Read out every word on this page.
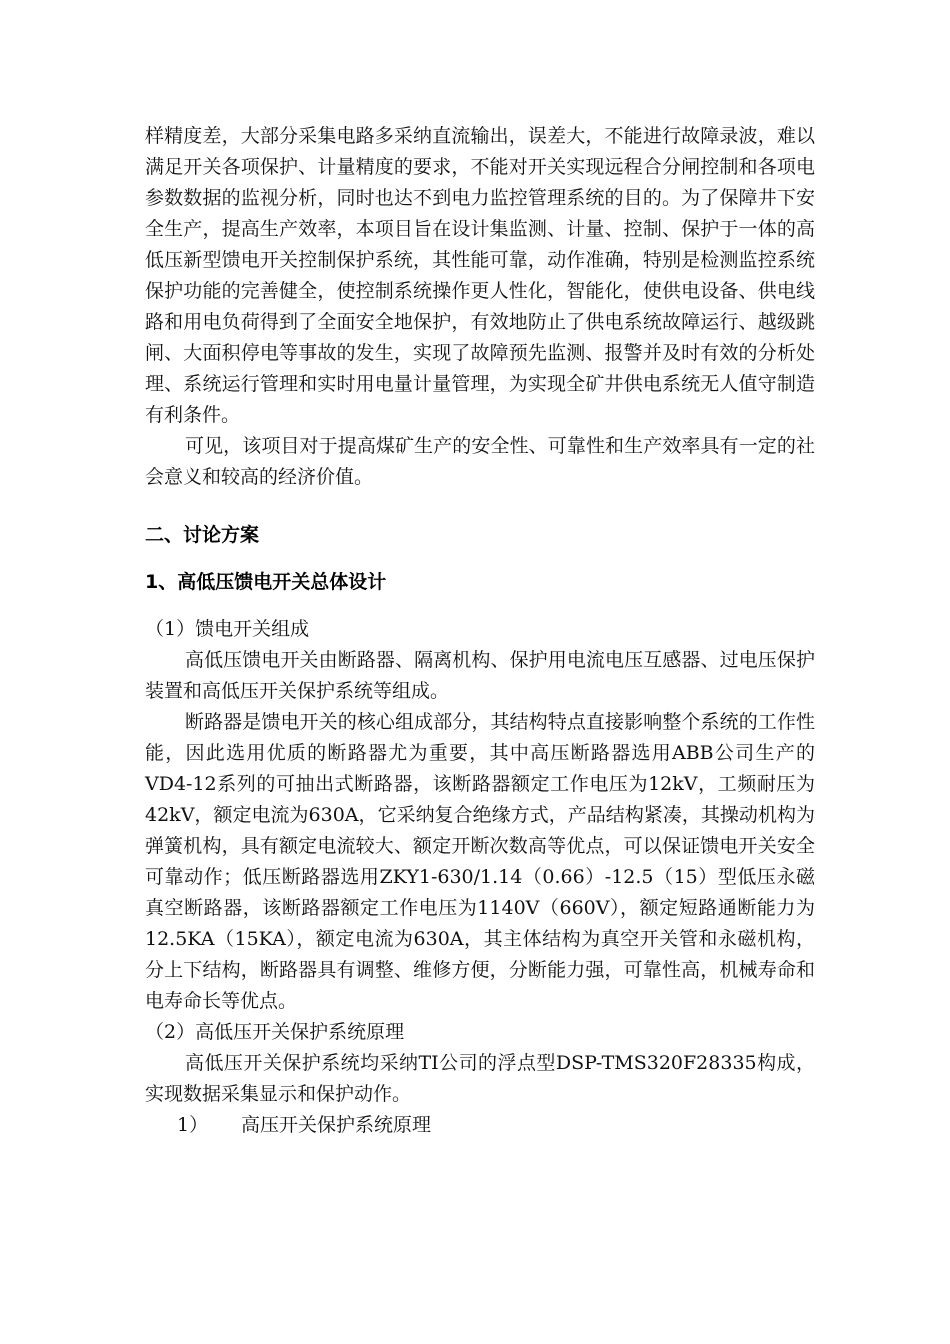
样精度差，大部分采集电路多采纳直流输出，误差大，不能进行故障录波，难以满足开关各项保护、计量精度的要求，不能对开关实现远程合分闸控制和各项电参数数据的监视分析，同时也达不到电力监控管理系统的目的。为了保障井下安全生产，提高生产效率，本项目旨在设计集监测、计量、控制、保护于一体的高低压新型馈电开关控制保护系统，其性能可靠，动作准确，特别是检测监控系统保护功能的完善健全，使控制系统操作更人性化，智能化，使供电设备、供电线路和用电负荷得到了全面安全地保护，有效地防止了供电系统故障运行、越级跳闸、大面积停电等事故的发生，实现了故障预先监测、报警并及时有效的分析处理、系统运行管理和实时用电量计量管理，为实现全矿井供电系统无人值守制造有利条件。

可见，该项目对于提高煤矿生产的安全性、可靠性和生产效率具有一定的社会意义和较高的经济价值。

二、讨论方案
1、高低压馈电开关总体设计

（1）馈电开关组成

高低压馈电开关由断路器、隔离机构、保护用电流电压互感器、过电压保护装置和高低压开关保护系统等组成。

断路器是馈电开关的核心组成部分，其结构特点直接影响整个系统的工作性能，因此选用优质的断路器尤为重要，其中高压断路器选用ABB公司生产的VD4-12系列的可抽出式断路器，该断路器额定工作电压为12kV，工频耐压为42kV，额定电流为630A，它采纳复合绝缘方式，产品结构紧凑，其操动机构为弹簧机构，具有额定电流较大、额定开断次数高等优点，可以保证馈电开关安全可靠动作；低压断路器选用ZKY1-630/1.14（0.66）-12.5（15）型低压永磁真空断路器，该断路器额定工作电压为1140V（660V），额定短路通断能力为12.5KA（15KA），额定电流为630A，其主体结构为真空开关管和永磁机构，分上下结构，断路器具有调整、维修方便，分断能力强，可靠性高，机械寿命和电寿命长等优点。

（2）高低压开关保护系统原理

高低压开关保护系统均采纳TI公司的浮点型DSP-TMS320F28335构成，实现数据采集显示和保护动作。

1） 高压开关保护系统原理
